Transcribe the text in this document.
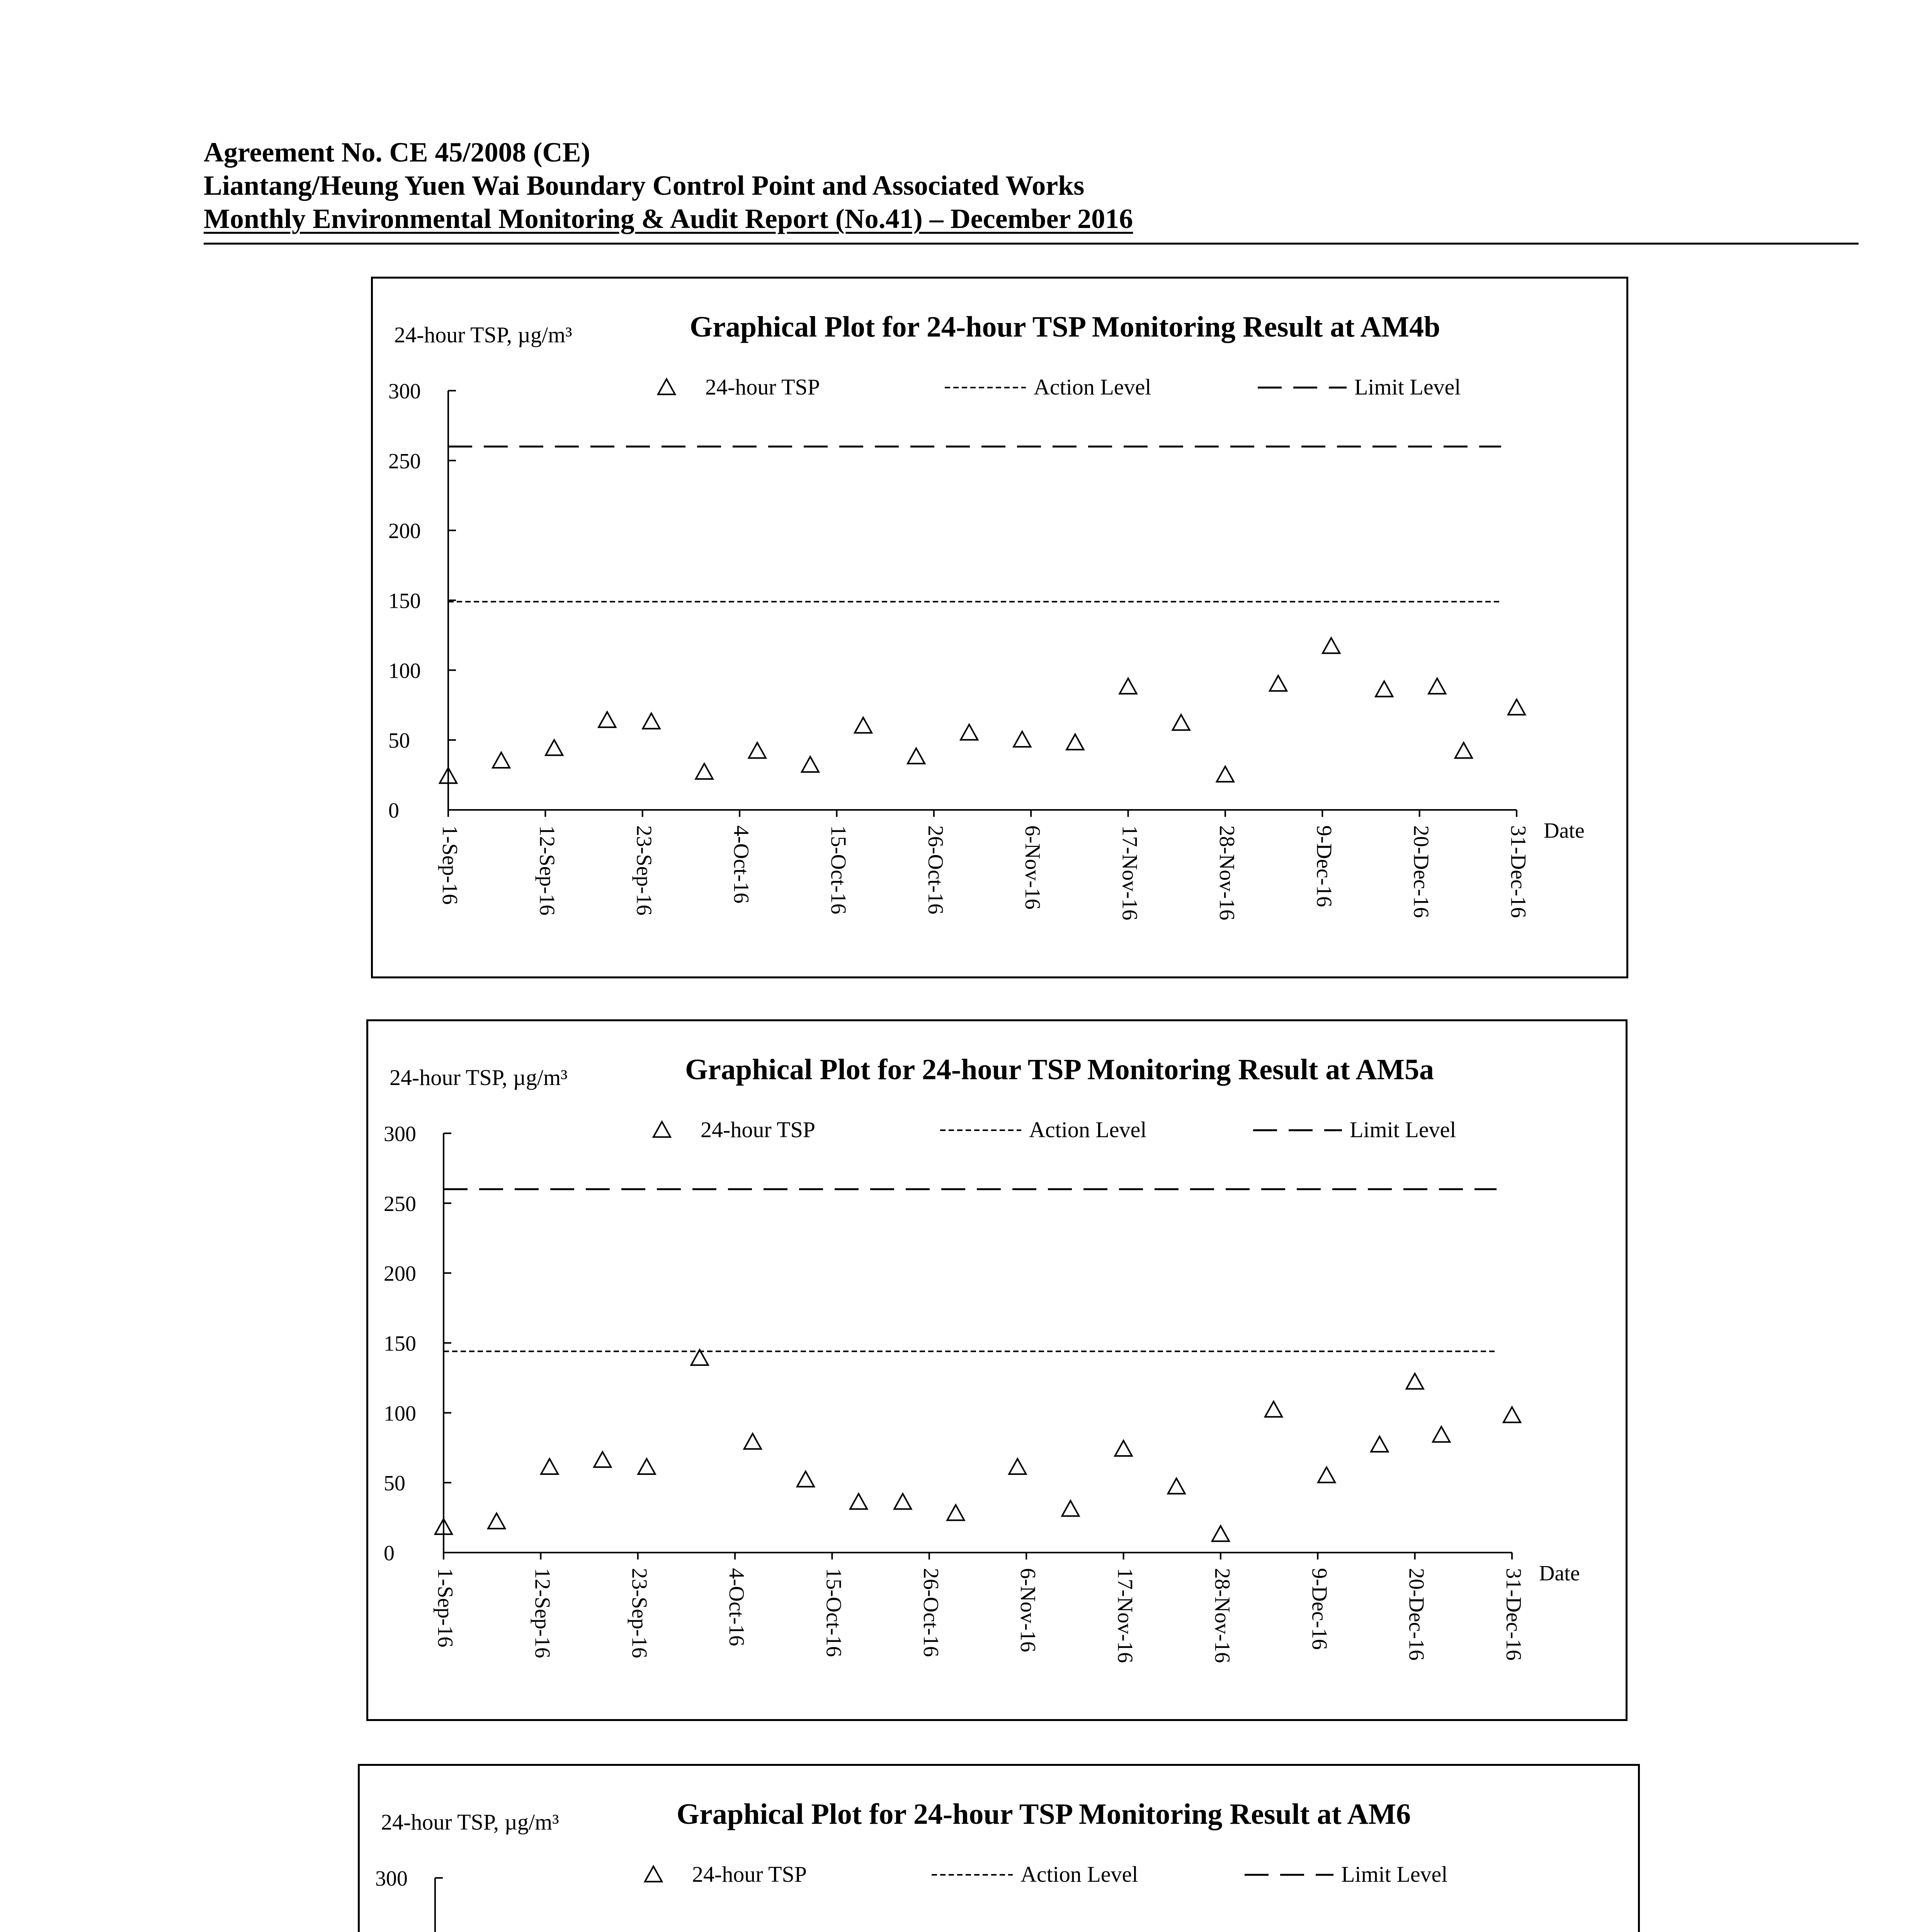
Agreement No. CE 45/2008 (CE)
Liantang/Heung Yuen Wai Boundary Control Point and Associated Works
Monthly Environmental Monitoring & Audit Report (No.41) – December 2016
Graphical Plot for 24-hour TSP Monitoring Result at AM4b
24-hour TSP, µg/m³
0
50
100
150
200
250
300
1-Sep-16	12-Sep-16	23-Sep-16	4-Oct-16	15-Oct-16	26-Oct-16	6-Nov-16	17-Nov-16	28-Nov-16	9-Dec-16	20-Dec-16	31-Dec-16 Date
24-hour TSP	Action Level	Limit Level
Graphical Plot for 24-hour TSP Monitoring Result at AM5a
24-hour TSP, µg/m³
0
50
100
150
200
250
300
1-Sep-16	12-Sep-16	23-Sep-16	4-Oct-16	15-Oct-16	26-Oct-16	6-Nov-16	17-Nov-16	28-Nov-16	9-Dec-16	20-Dec-16	31-Dec-16 Date
24-hour TSP	Action Level	Limit Level
Graphical Plot for 24-hour TSP Monitoring Result at AM6
24-hour TSP, µg/m³
300	24-hour TSP	Action Level	Limit Level
